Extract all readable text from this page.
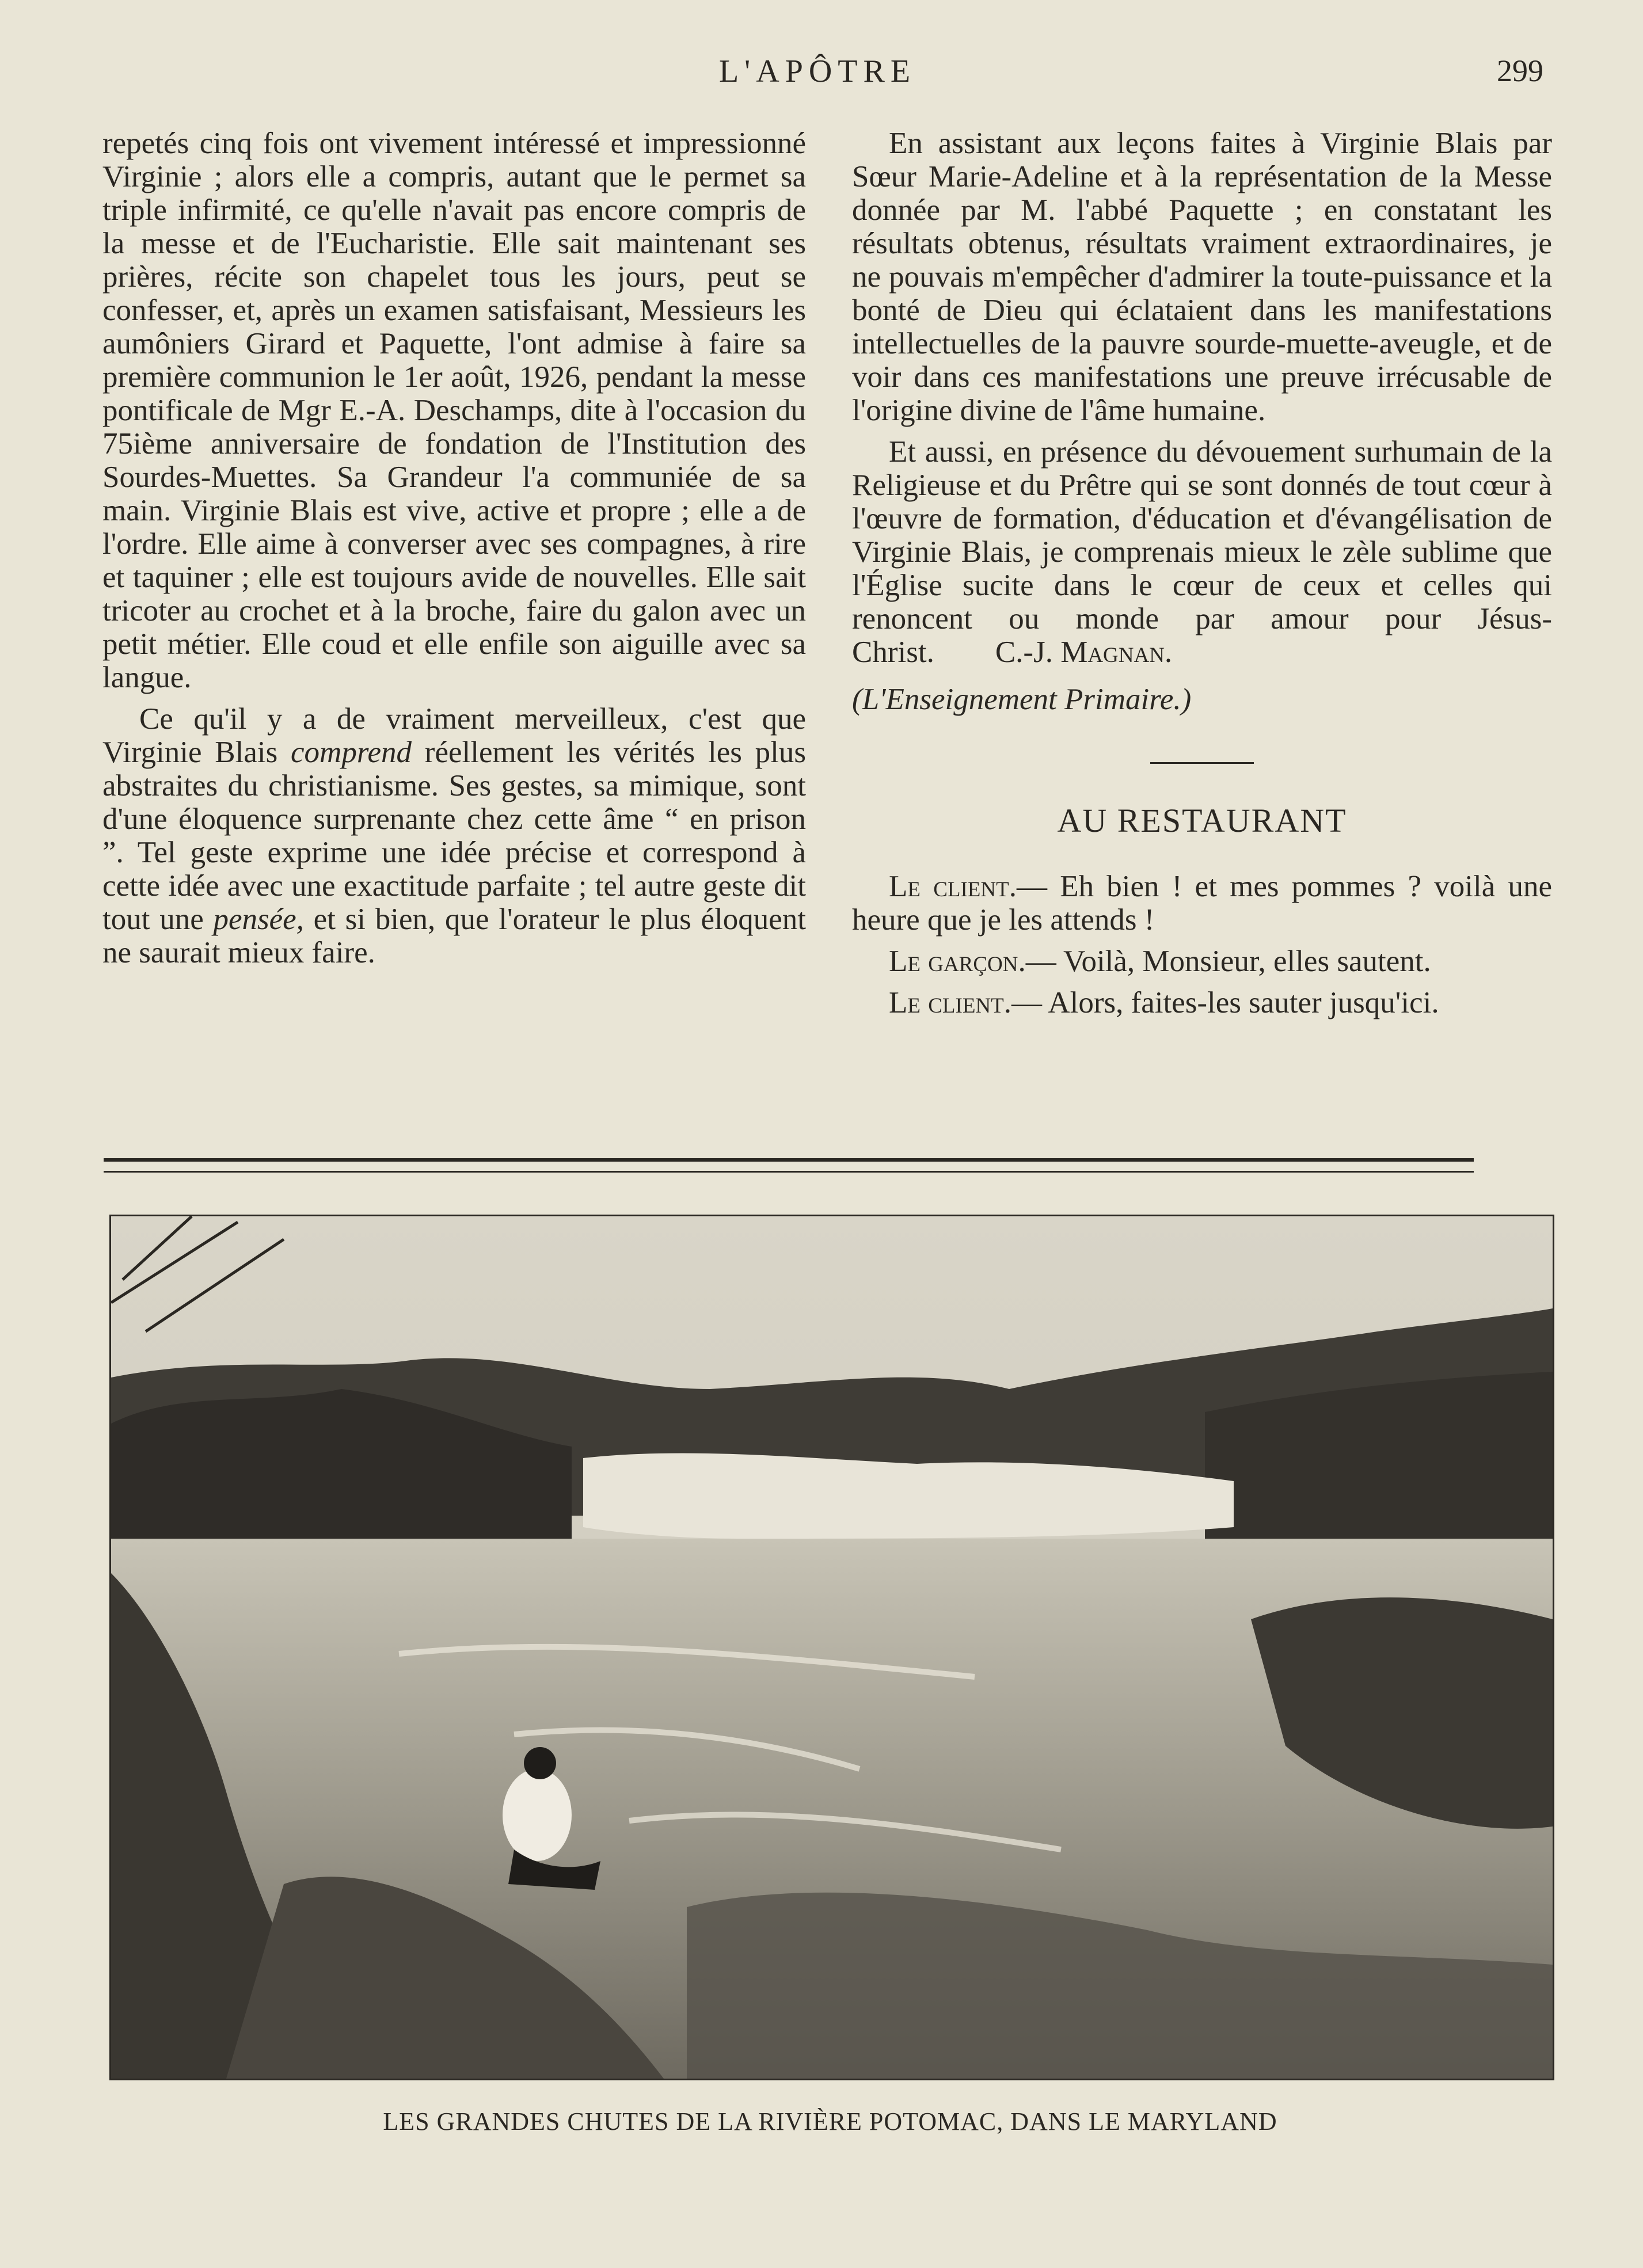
L'APÔTRE	299

repetés cinq fois ont vivement intéressé et impressionné Virginie ; alors elle a compris, autant que le permet sa triple infirmité, ce qu'elle n'avait pas encore compris de la messe et de l'Eucharistie. Elle sait maintenant ses prières, récite son chapelet tous les jours, peut se confesser, et, après un examen satisfaisant, Messieurs les aumôniers Girard et Paquette, l'ont admise à faire sa première communion le 1er août, 1926, pendant la messe pontificale de Mgr E.-A. Deschamps, dite à l'occasion du 75ième anniversaire de fondation de l'Institution des Sourdes-Muettes. Sa Grandeur l'a communiée de sa main. Virginie Blais est vive, active et propre ; elle a de l'ordre. Elle aime à converser avec ses compagnes, à rire et taquiner ; elle est toujours avide de nouvelles. Elle sait tricoter au crochet et à la broche, faire du galon avec un petit métier. Elle coud et elle enfile son aiguille avec sa langue.

Ce qu'il y a de vraiment merveilleux, c'est que Virginie Blais comprend réellement les vérités les plus abstraites du christianisme. Ses gestes, sa mimique, sont d'une éloquence surprenante chez cette âme “ en prison ”. Tel geste exprime une idée précise et correspond à cette idée avec une exactitude parfaite ; tel autre geste dit tout une pensée, et si bien, que l'orateur le plus éloquent ne saurait mieux faire.

En assistant aux leçons faites à Virginie Blais par Sœur Marie-Adeline et à la représentation de la Messe donnée par M. l'abbé Paquette ; en constatant les résultats obtenus, résultats vraiment extraordinaires, je ne pouvais m'empêcher d'admirer la toute-puissance et la bonté de Dieu qui éclataient dans les manifestations intellectuelles de la pauvre sourde-muette-aveugle, et de voir dans ces manifestations une preuve irrécusable de l'origine divine de l'âme humaine.

Et aussi, en présence du dévouement surhumain de la Religieuse et du Prêtre qui se sont donnés de tout cœur à l'œuvre de formation, d'éducation et d'évangélisation de Virginie Blais, je comprenais mieux le zèle sublime que l'Église sucite dans le cœur de ceux et celles qui renoncent ou monde par amour pour Jésus-Christ. C.-J. Magnan.

(L'Enseignement Primaire.)

AU RESTAURANT

Le client.— Eh bien ! et mes pommes ? voilà une heure que je les attends !

Le garçon.— Voilà, Monsieur, elles sautent.

Le client.— Alors, faites-les sauter jusqu'ici.

LES GRANDES CHUTES DE LA RIVIÈRE POTOMAC, DANS LE MARYLAND
